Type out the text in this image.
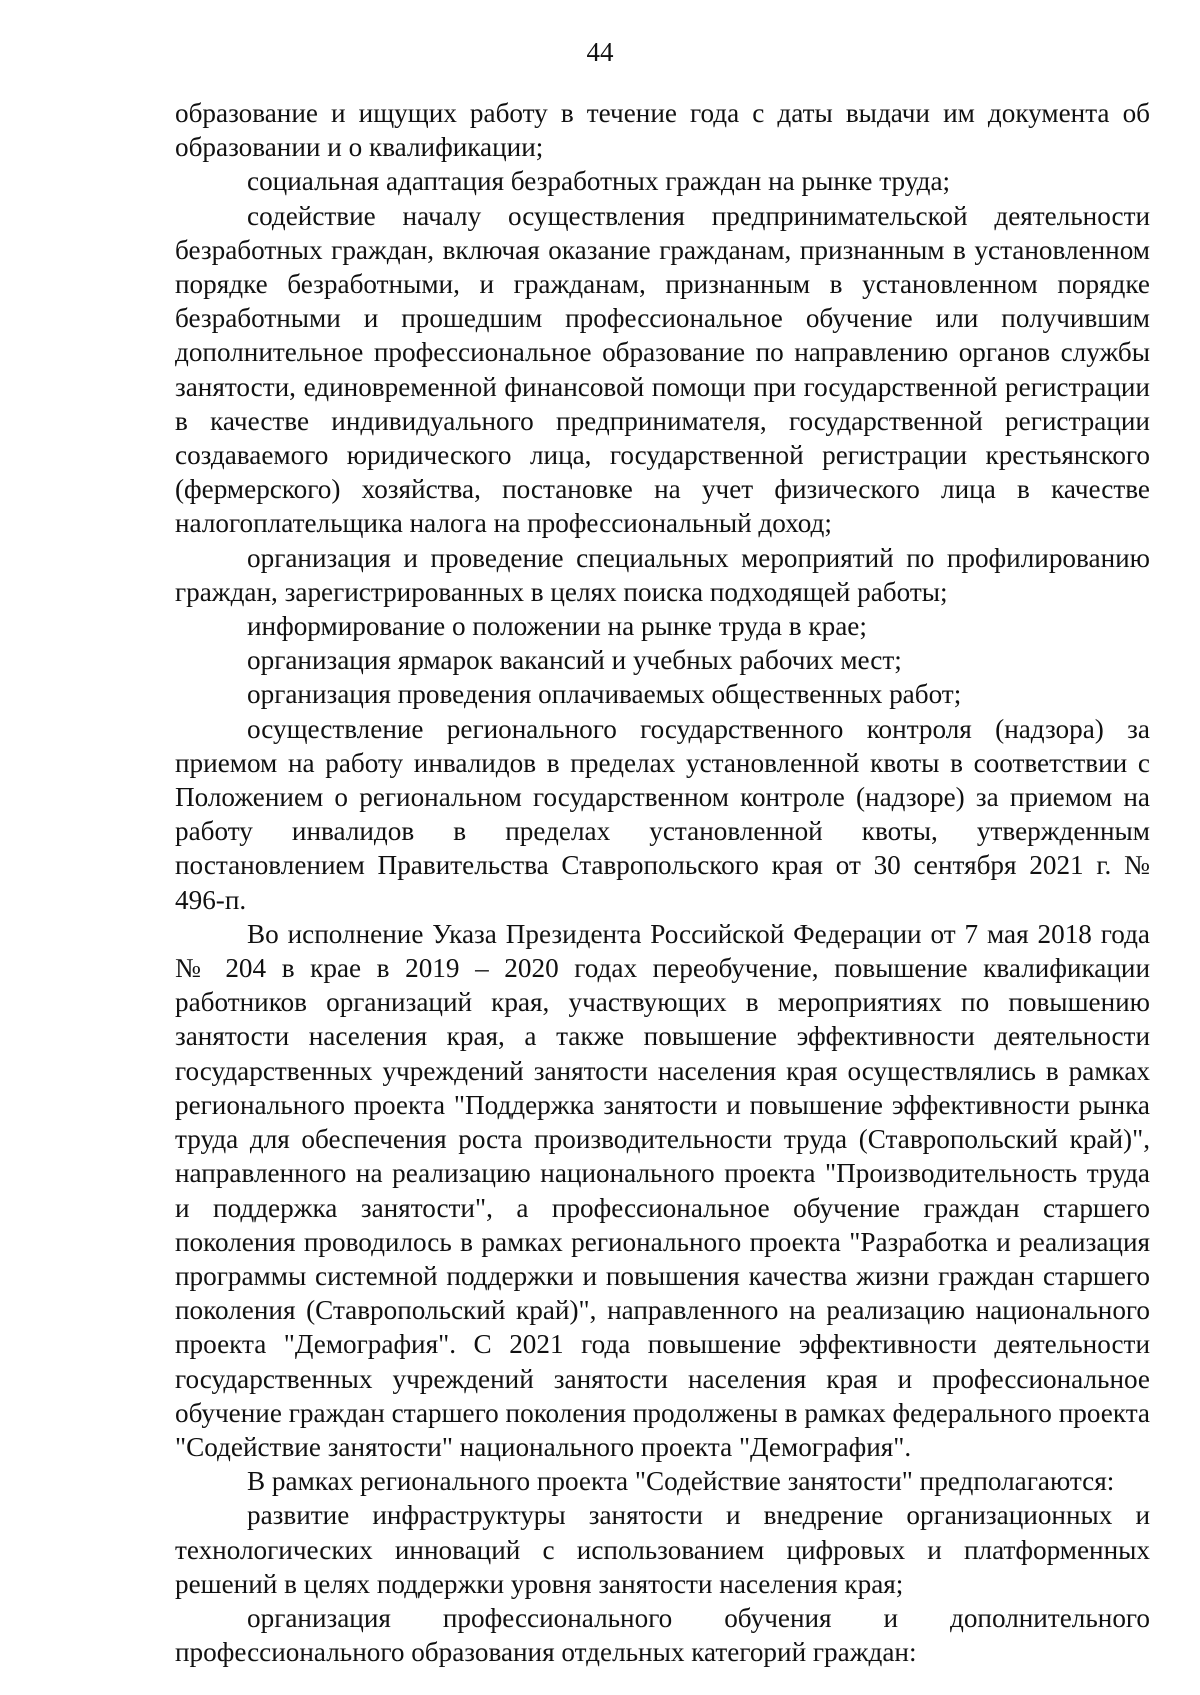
44

образование и ищущих работу в течение года с даты выдачи им документа об образовании и о квалификации;

социальная адаптация безработных граждан на рынке труда;

содействие началу осуществления предпринимательской деятельности безработных граждан, включая оказание гражданам, признанным в установленном порядке безработными, и гражданам, признанным в установленном порядке безработными и прошедшим профессиональное обучение или получившим дополнительное профессиональное образование по направлению органов службы занятости, единовременной финансовой помощи при государственной регистрации в качестве индивидуального предпринимателя, государственной регистрации создаваемого юридического лица, государственной регистрации крестьянского (фермерского) хозяйства, постановке на учет физического лица в качестве налогоплательщика налога на профессиональный доход;

организация и проведение специальных мероприятий по профилированию граждан, зарегистрированных в целях поиска подходящей работы;

информирование о положении на рынке труда в крае;

организация ярмарок вакансий и учебных рабочих мест;

организация проведения оплачиваемых общественных работ;

осуществление регионального государственного контроля (надзора) за приемом на работу инвалидов в пределах установленной квоты в соответствии с Положением о региональном государственном контроле (надзоре) за приемом на работу инвалидов в пределах установленной квоты, утвержденным постановлением Правительства Ставропольского края от 30 сентября 2021 г. № 496-п.

Во исполнение Указа Президента Российской Федерации от 7 мая 2018 года № 204 в крае в 2019 – 2020 годах переобучение, повышение квалификации работников организаций края, участвующих в мероприятиях по повышению занятости населения края, а также повышение эффективности деятельности государственных учреждений занятости населения края осуществлялись в рамках регионального проекта "Поддержка занятости и повышение эффективности рынка труда для обеспечения роста производительности труда (Ставропольский край)", направленного на реализацию национального проекта "Производительность труда и поддержка занятости", а профессиональное обучение граждан старшего поколения проводилось в рамках регионального проекта "Разработка и реализация программы системной поддержки и повышения качества жизни граждан старшего поколения (Ставропольский край)", направленного на реализацию национального проекта "Демография". С 2021 года повышение эффективности деятельности государственных учреждений занятости населения края и профессиональное обучение граждан старшего поколения продолжены в рамках федерального проекта "Содействие занятости" национального проекта "Демография".

В рамках регионального проекта "Содействие занятости" предполагаются:

развитие инфраструктуры занятости и внедрение организационных и технологических инноваций с использованием цифровых и платформенных решений в целях поддержки уровня занятости населения края;

организация профессионального обучения и дополнительного профессионального образования отдельных категорий граждан:
